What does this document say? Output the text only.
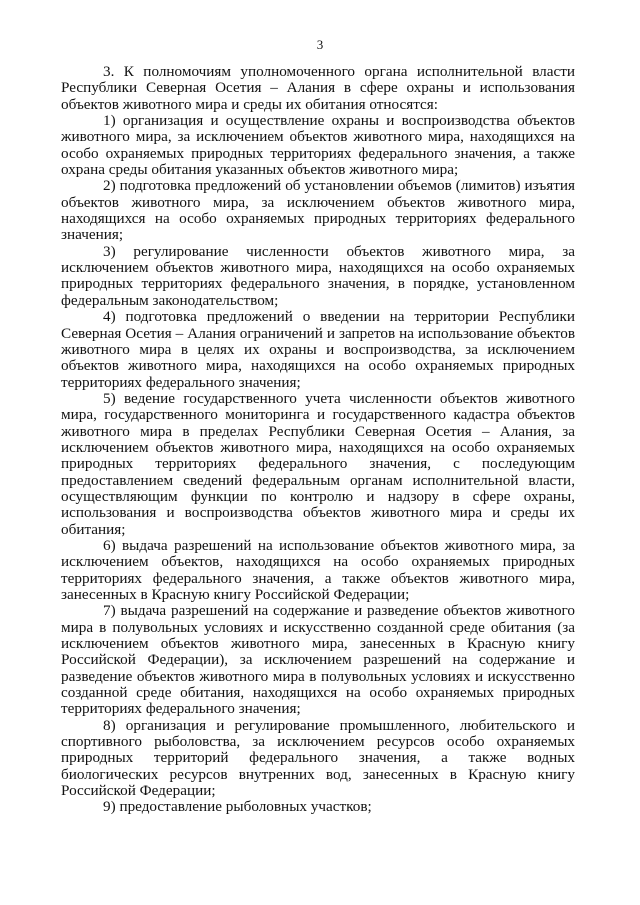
3

3. К полномочиям уполномоченного органа исполнительной власти Республики Северная Осетия – Алания в сфере охраны и использования объектов животного мира и среды их обитания относятся:

1) организация и осуществление охраны и воспроизводства объектов животного мира, за исключением объектов животного мира, находящихся на особо охраняемых природных территориях федерального значения, а также охрана среды обитания указанных объектов животного мира;

2) подготовка предложений об установлении объемов (лимитов) изъятия объектов животного мира, за исключением объектов животного мира, находящихся на особо охраняемых природных территориях федерального значения;

3) регулирование численности объектов животного мира, за исключением объектов животного мира, находящихся на особо охраняемых природных территориях федерального значения, в порядке, установленном федеральным законодательством;

4) подготовка предложений о введении на территории Республики Северная Осетия – Алания ограничений и запретов на использование объектов животного мира в целях их охраны и воспроизводства, за исключением объектов животного мира, находящихся на особо охраняемых природных территориях федерального значения;

5) ведение государственного учета численности объектов животного мира, государственного мониторинга и государственного кадастра объектов животного мира в пределах Республики Северная Осетия – Алания, за исключением объектов животного мира, находящихся на особо охраняемых природных территориях федерального значения, с последующим предоставлением сведений федеральным органам исполнительной власти, осуществляющим функции по контролю и надзору в сфере охраны, использования и воспроизводства объектов животного мира и среды их обитания;

6) выдача разрешений на использование объектов животного мира, за исключением объектов, находящихся на особо охраняемых природных территориях федерального значения, а также объектов животного мира, занесенных в Красную книгу Российской Федерации;

7) выдача разрешений на содержание и разведение объектов животного мира в полувольных условиях и искусственно созданной среде обитания (за исключением объектов животного мира, занесенных в Красную книгу Российской Федерации), за исключением разрешений на содержание и разведение объектов животного мира в полувольных условиях и искусственно созданной среде обитания, находящихся на особо охраняемых природных территориях федерального значения;

8) организация и регулирование промышленного, любительского и спортивного рыболовства, за исключением ресурсов особо охраняемых природных территорий федерального значения, а также водных биологических ресурсов внутренних вод, занесенных в Красную книгу Российской Федерации;

9) предоставление рыболовных участков;
